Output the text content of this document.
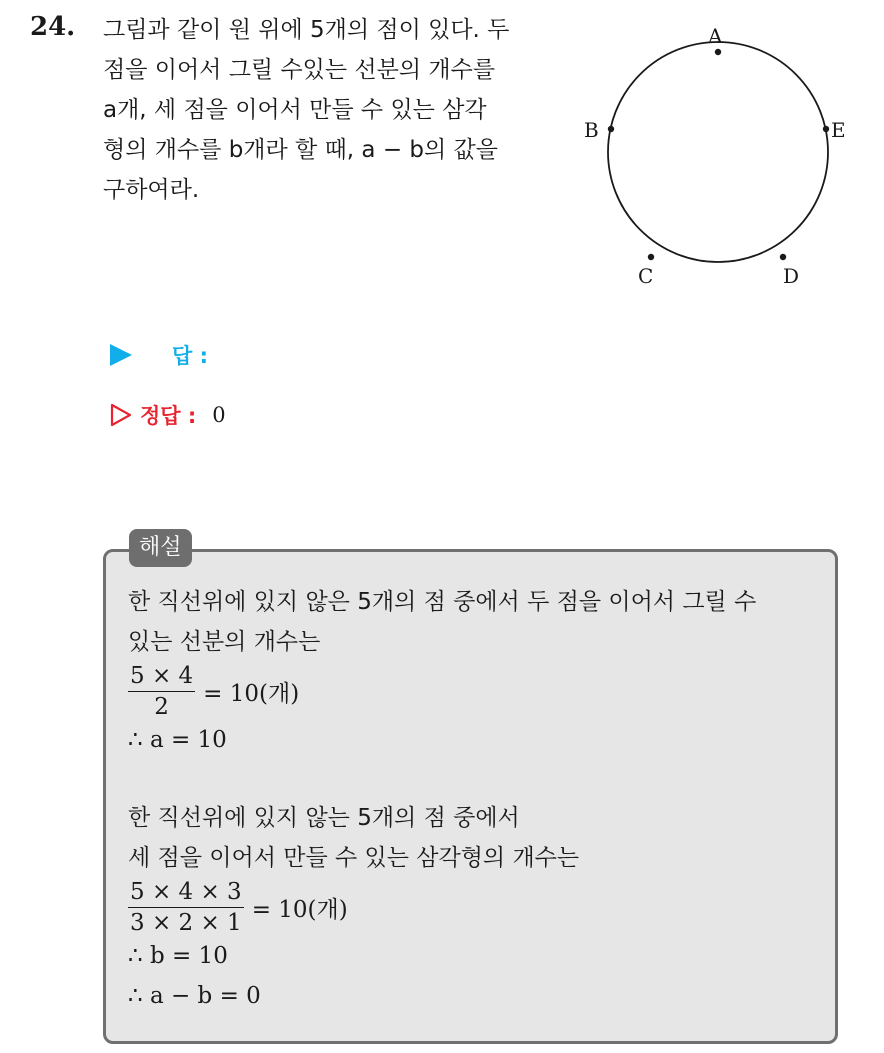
24. 그림과 같이 원 위에 5개의 점이 있다. 두

점을 이어서 그릴 수있는 선분의 개수를

a개, 세 점을 이어서 만들 수 있는 삼각

형의 개수를 b개라 할 때, a − b의 값을

구하여라.

A
B
C	D
E
답 :
정답 : 0
해설
한 직선위에 있지 않은 5개의 점 중에서 두 점을 이어서 그릴 수
있는 선분의 개수는
$\frac{5 \times 4}{2} = 10$(개)
∴ a = 10
한 직선위에 있지 않는 5개의 점 중에서
세 점을 이어서 만들 수 있는 삼각형의 개수는
$\frac{5 \times 4 \times 3}{3 \times 2 \times 1} = 10$(개)
∴ b = 10
∴ a − b = 0
